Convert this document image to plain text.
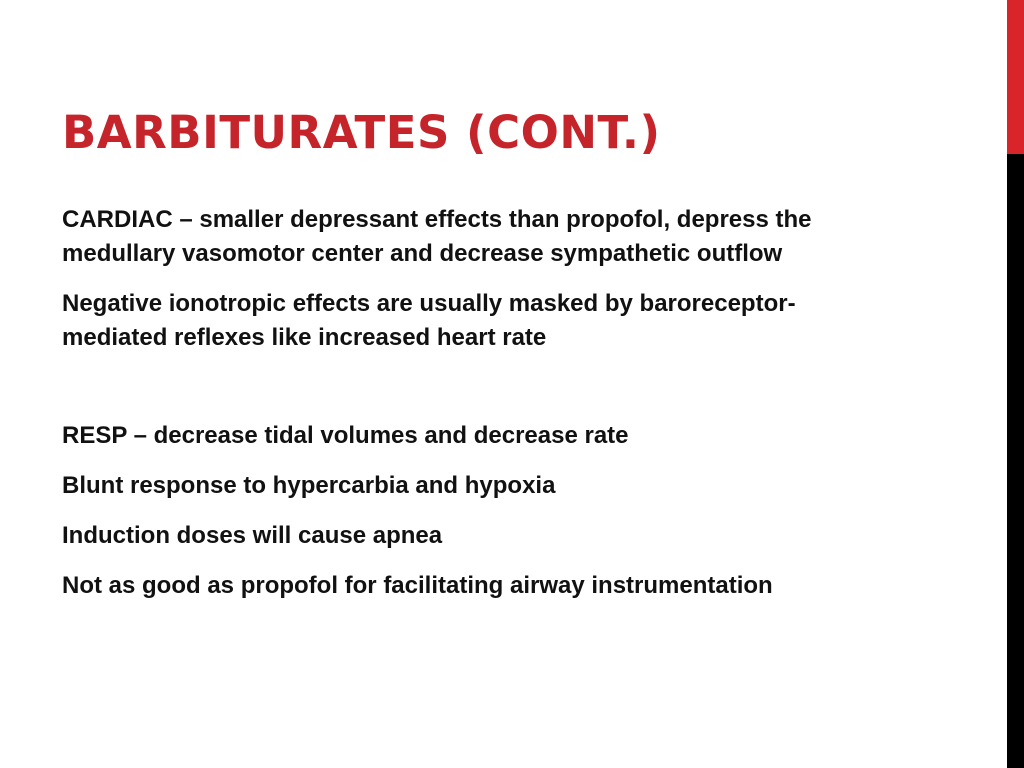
BARBITURATES (CONT.)

CARDIAC – smaller depressant effects than propofol, depress the medullary vasomotor center and decrease sympathetic outflow

Negative ionotropic effects are usually masked by baroreceptor-mediated reflexes like increased heart rate

RESP – decrease tidal volumes and decrease rate

Blunt response to hypercarbia and hypoxia

Induction doses will cause apnea

Not as good as propofol for facilitating airway instrumentation
